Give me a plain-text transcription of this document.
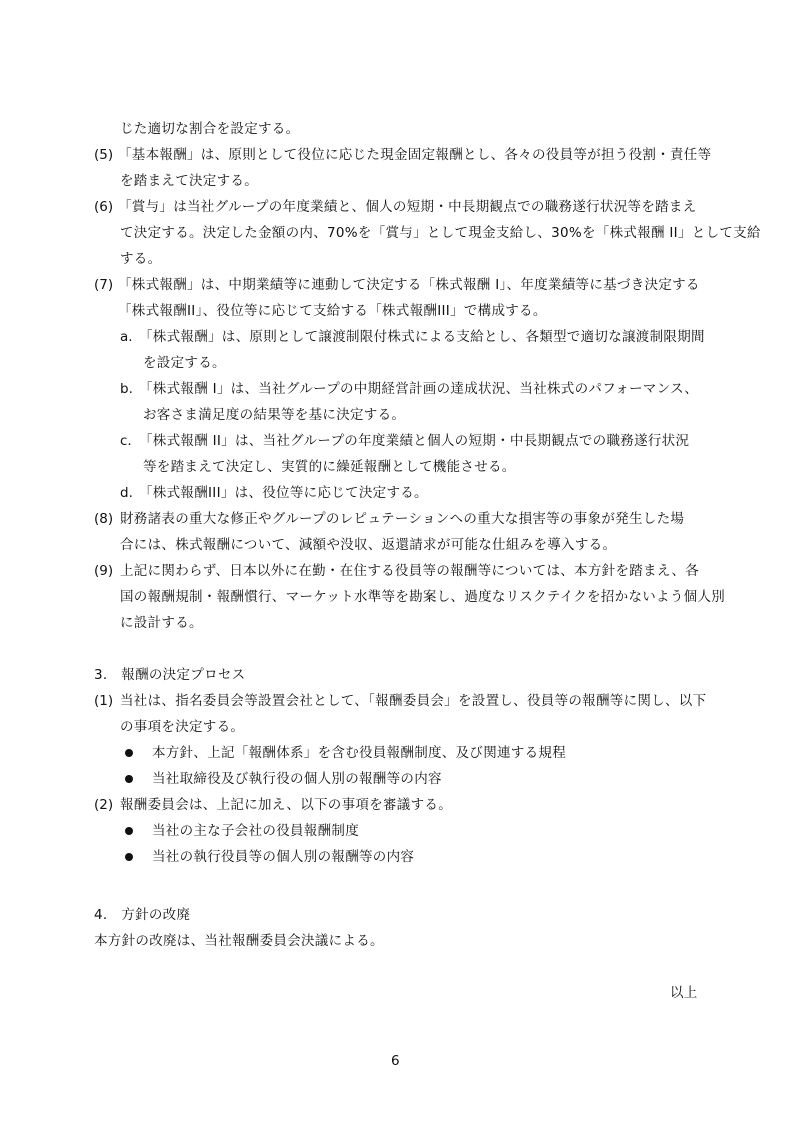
じた適切な割合を設定する。
(5) 「基本報酬」は、原則として役位に応じた現金固定報酬とし、各々の役員等が担う役割・責任等
を踏まえて決定する。
(6) 「賞与」は当社グループの年度業績と、個人の短期・中長期観点での職務遂行状況等を踏まえ
て決定する。決定した金額の内、70%を「賞与」として現金支給し、30%を「株式報酬 II」として支給
する。
(7) 「株式報酬」は、中期業績等に連動して決定する「株式報酬 I」、年度業績等に基づき決定する
「株式報酬II」、役位等に応じて支給する「株式報酬III」で構成する。
a. 「株式報酬」は、原則として譲渡制限付株式による支給とし、各類型で適切な譲渡制限期間
を設定する。
b. 「株式報酬 I」は、当社グループの中期経営計画の達成状況、当社株式のパフォーマンス、
お客さま満足度の結果等を基に決定する。
c. 「株式報酬 II」は、当社グループの年度業績と個人の短期・中長期観点での職務遂行状況
等を踏まえて決定し、実質的に繰延報酬として機能させる。
d. 「株式報酬III」は、役位等に応じて決定する。
(8) 財務諸表の重大な修正やグループのレピュテーションへの重大な損害等の事象が発生した場
合には、株式報酬について、減額や没収、返還請求が可能な仕組みを導入する。
(9) 上記に関わらず、日本以外に在勤・在住する役員等の報酬等については、本方針を踏まえ、各
国の報酬規制・報酬慣行、マーケット水準等を勘案し、過度なリスクテイクを招かないよう個人別
に設計する。
3.　報酬の決定プロセス
(1) 当社は、指名委員会等設置会社として、「報酬委員会」を設置し、役員等の報酬等に関し、以下
の事項を決定する。
本方針、上記「報酬体系」を含む役員報酬制度、及び関連する規程
当社取締役及び執行役の個人別の報酬等の内容
(2) 報酬委員会は、上記に加え、以下の事項を審議する。
当社の主な子会社の役員報酬制度
当社の執行役員等の個人別の報酬等の内容
4.　方針の改廃
本方針の改廃は、当社報酬委員会決議による。
以上
6
